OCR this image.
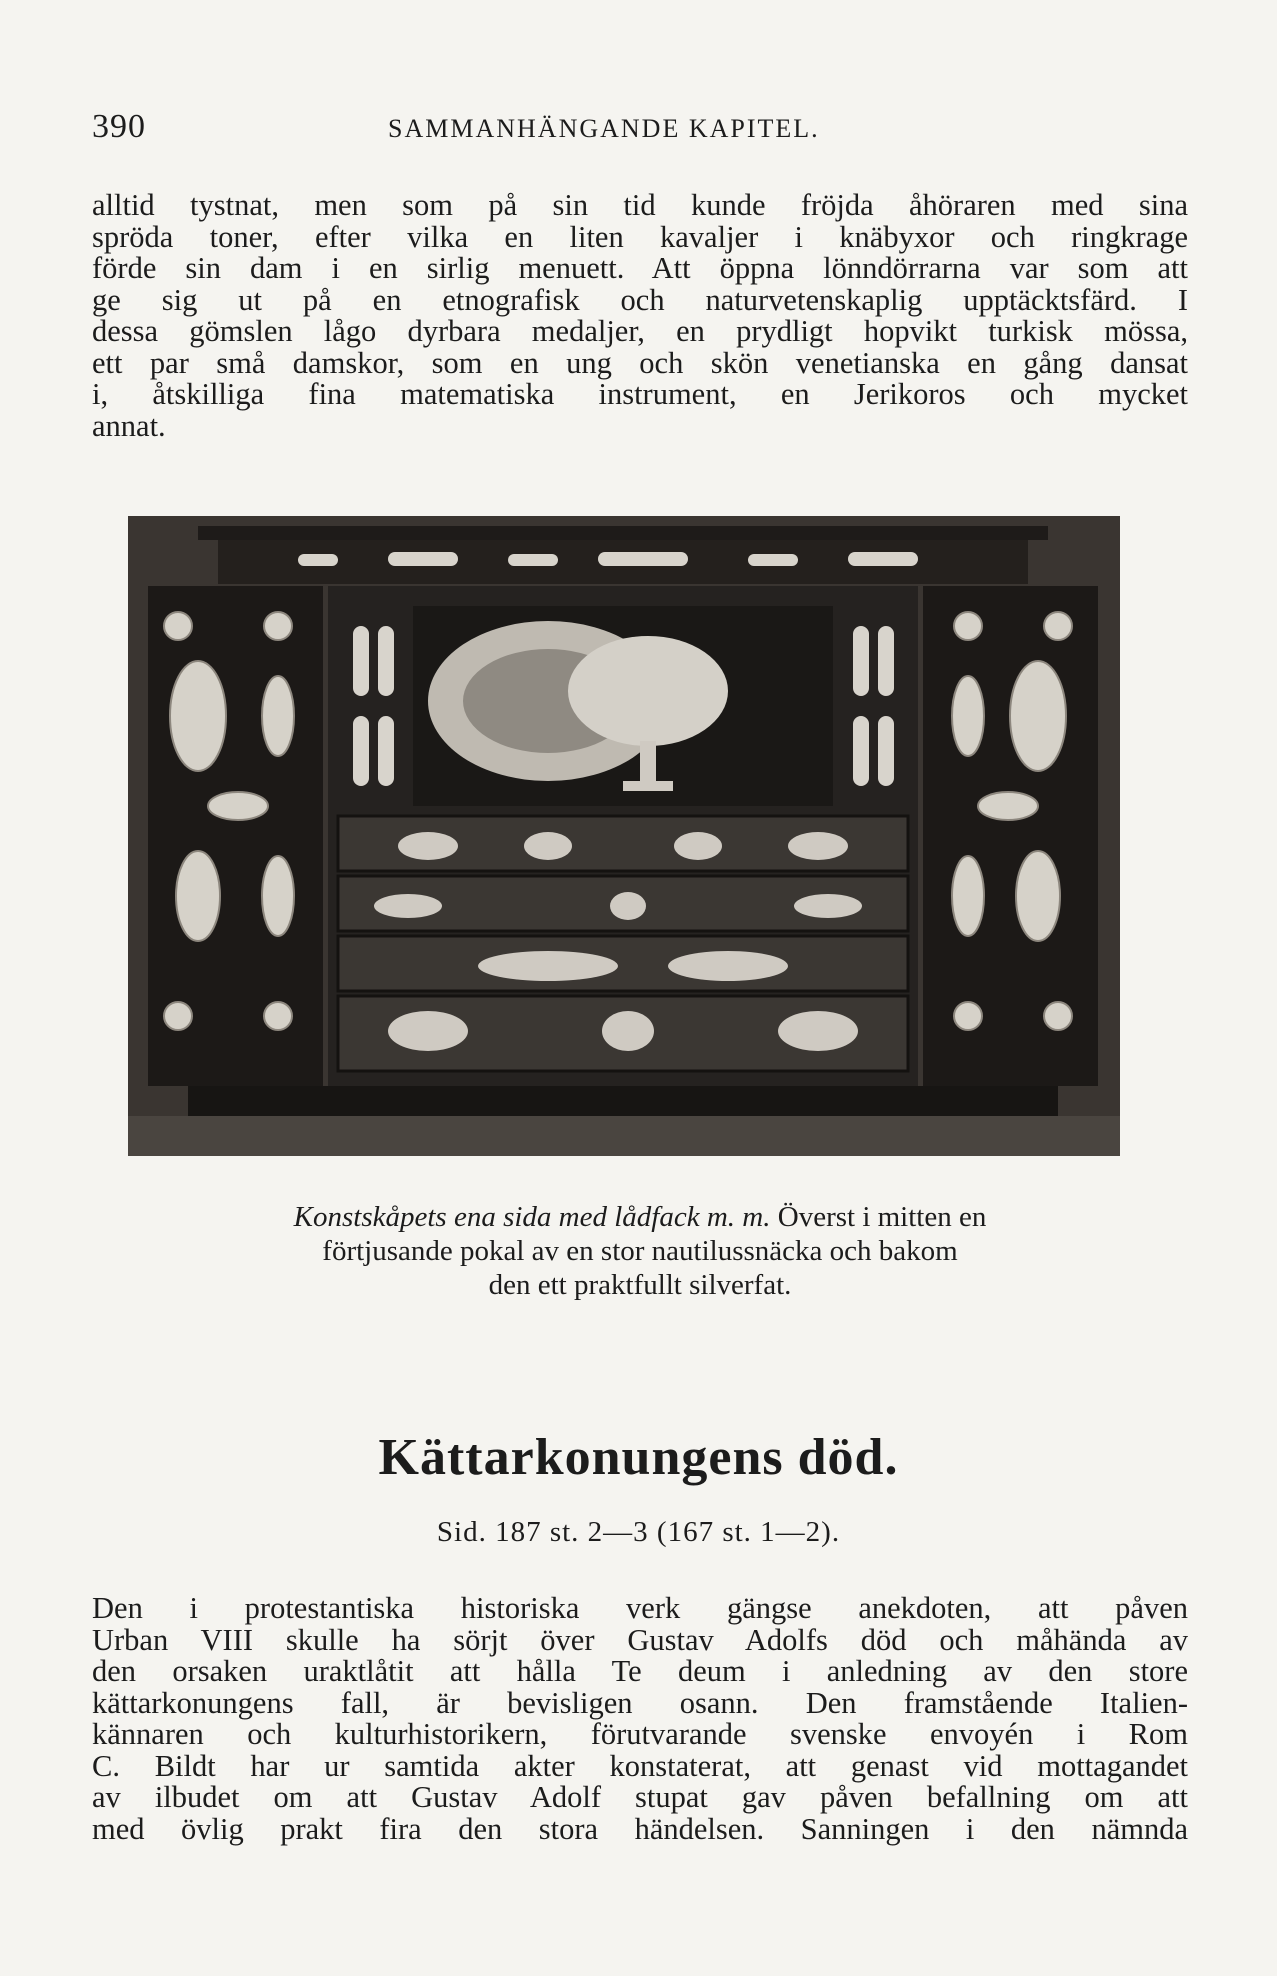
390	SAMMANHÄNGANDE KAPITEL.

alltid tystnat, men som på sin tid kunde fröjda åhöraren med sina

spröda toner, efter vilka en liten kavaljer i knäbyxor och ringkrage

förde sin dam i en sirlig menuett. Att öppna lönndörrarna var som att

ge sig ut på en etnografisk och naturvetenskaplig upptäcktsfärd. I

dessa gömslen lågo dyrbara medaljer, en prydligt hopvikt turkisk mössa,

ett par små damskor, som en ung och skön venetianska en gång dansat

i, åtskilliga fina matematiska instrument, en Jerikoros och mycket

annat.

Konstskåpets ena sida med lådfack m. m. Överst i mitten en

förtjusande pokal av en stor nautilussnäcka och bakom

den ett praktfullt silverfat.

Kättarkonungens död.
Sid. 187 st. 2—3 (167 st. 1—2).

Den i protestantiska historiska verk gängse anekdoten, att påven

Urban VIII skulle ha sörjt över Gustav Adolfs död och måhända av

den orsaken uraktlåtit att hålla Te deum i anledning av den store

kättarkonungens fall, är bevisligen osann. Den framstående Italien-

kännaren och kulturhistorikern, förutvarande svenske envoyén i Rom

C. Bildt har ur samtida akter konstaterat, att genast vid mottagandet

av ilbudet om att Gustav Adolf stupat gav påven befallning om att

med övlig prakt fira den stora händelsen. Sanningen i den nämnda
